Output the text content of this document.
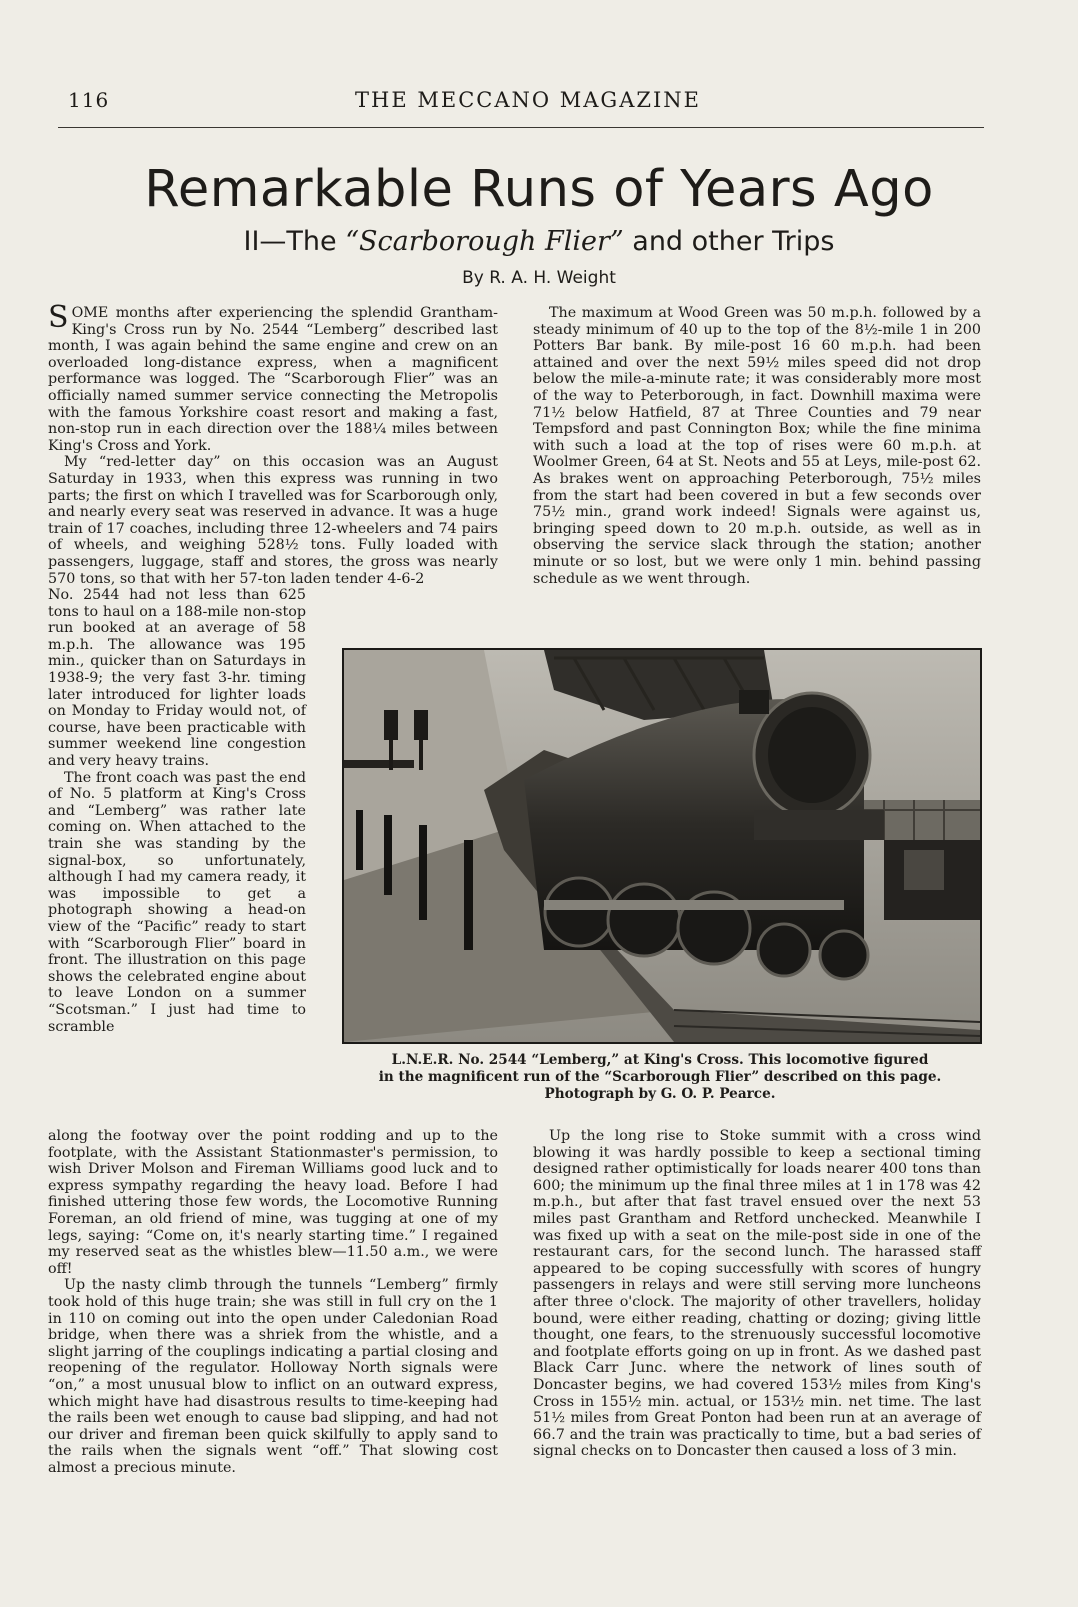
116	THE MECCANO MAGAZINE
Remarkable Runs of Years Ago
II—The “Scarborough Flier” and other Trips
By R. A. H. Weight

SOME months after experiencing the splendid Grantham-King's Cross run by No. 2544 “Lemberg” described last month, I was again behind the same engine and crew on an overloaded long-distance express, when a magnificent performance was logged. The “Scarborough Flier” was an officially named summer service connecting the Metropolis with the famous Yorkshire coast resort and making a fast, non-stop run in each direction over the 188¼ miles between King's Cross and York.

My “red-letter day” on this occasion was an August Saturday in 1933, when this express was running in two parts; the first on which I travelled was for Scarborough only, and nearly every seat was reserved in advance. It was a huge train of 17 coaches, including three 12-wheelers and 74 pairs of wheels, and weighing 528½ tons. Fully loaded with passengers, luggage, staff and stores, the gross was nearly 570 tons, so that with her 57-ton laden tender 4-6-2

No. 2544 had not less than 625 tons to haul on a 188-mile non-stop run booked at an average of 58 m.p.h. The allowance was 195 min., quicker than on Saturdays in 1938-9; the very fast 3-hr. timing later introduced for lighter loads on Monday to Friday would not, of course, have been practicable with summer weekend line congestion and very heavy trains.

The front coach was past the end of No. 5 platform at King's Cross and “Lemberg” was rather late coming on. When attached to the train she was standing by the signal-box, so unfortunately, although I had my camera ready, it was impossible to get a photograph showing a head-on view of the “Pacific” ready to start with “Scarborough Flier” board in front. The illustration on this page shows the celebrated engine about to leave London on a summer “Scotsman.” I just had time to scramble

The maximum at Wood Green was 50 m.p.h. followed by a steady minimum of 40 up to the top of the 8½-mile 1 in 200 Potters Bar bank. By mile-post 16 60 m.p.h. had been attained and over the next 59½ miles speed did not drop below the mile-a-minute rate; it was considerably more most of the way to Peterborough, in fact. Downhill maxima were 71½ below Hatfield, 87 at Three Counties and 79 near Tempsford and past Connington Box; while the fine minima with such a load at the top of rises were 60 m.p.h. at Woolmer Green, 64 at St. Neots and 55 at Leys, mile-post 62. As brakes went on approaching Peterborough, 75½ miles from the start had been covered in but a few seconds over 75½ min., grand work indeed! Signals were against us, bringing speed down to 20 m.p.h. outside, as well as in observing the service slack through the station; another minute or so lost, but we were only 1 min. behind passing schedule as we went through.

L.N.E.R. No. 2544 “Lemberg,” at King's Cross. This locomotive figured
in the magnificent run of the “Scarborough Flier” described on this page.
Photograph by G. O. P. Pearce.

along the footway over the point rodding and up to the footplate, with the Assistant Stationmaster's permission, to wish Driver Molson and Fireman Williams good luck and to express sympathy regarding the heavy load. Before I had finished uttering those few words, the Locomotive Running Foreman, an old friend of mine, was tugging at one of my legs, saying: “Come on, it's nearly starting time.” I regained my reserved seat as the whistles blew—11.50 a.m., we were off!

Up the nasty climb through the tunnels “Lemberg” firmly took hold of this huge train; she was still in full cry on the 1 in 110 on coming out into the open under Caledonian Road bridge, when there was a shriek from the whistle, and a slight jarring of the couplings indicating a partial closing and reopening of the regulator. Holloway North signals were “on,” a most unusual blow to inflict on an outward express, which might have had disastrous results to time-keeping had the rails been wet enough to cause bad slipping, and had not our driver and fireman been quick skilfully to apply sand to the rails when the signals went “off.” That slowing cost almost a precious minute.

Up the long rise to Stoke summit with a cross wind blowing it was hardly possible to keep a sectional timing designed rather optimistically for loads nearer 400 tons than 600; the minimum up the final three miles at 1 in 178 was 42 m.p.h., but after that fast travel ensued over the next 53 miles past Grantham and Retford unchecked. Meanwhile I was fixed up with a seat on the mile-post side in one of the restaurant cars, for the second lunch. The harassed staff appeared to be coping successfully with scores of hungry passengers in relays and were still serving more luncheons after three o'clock. The majority of other travellers, holiday bound, were either reading, chatting or dozing; giving little thought, one fears, to the strenuously successful locomotive and footplate efforts going on up in front. As we dashed past Black Carr Junc. where the network of lines south of Doncaster begins, we had covered 153½ miles from King's Cross in 155½ min. actual, or 153½ min. net time. The last 51½ miles from Great Ponton had been run at an average of 66.7 and the train was practically to time, but a bad series of signal checks on to Doncaster then caused a loss of 3 min.
